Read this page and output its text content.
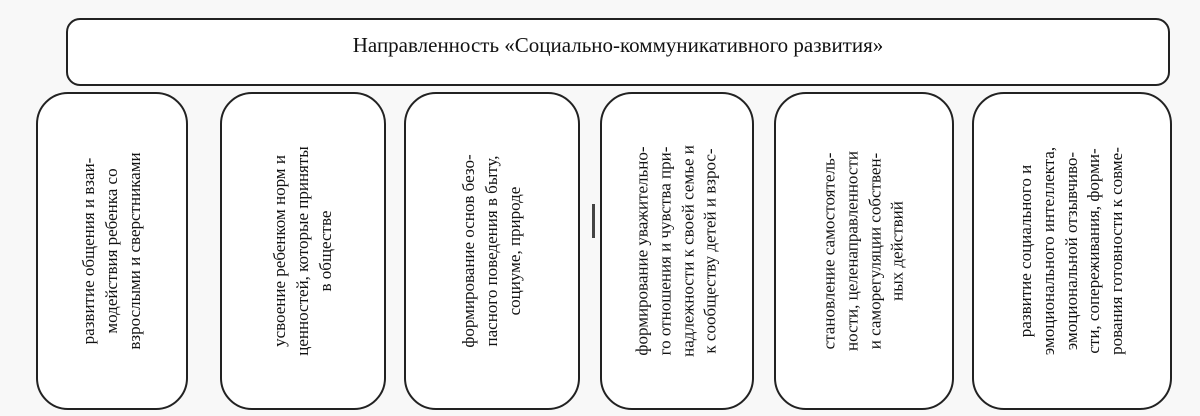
Направленность «Социально-коммуникативного развития»
развитие общения и взаи-
модействия ребенка со
взрослыми и сверстниками
усвоение ребенком норм и
ценностей, которые приняты
в обществе	формирование основ безо-
пасного поведения в быту,
социуме, природе
формирование уважительно-
го отношения и чувства при-
надлежности к своей семье и
к сообществу детей и взрос-
становление самостоятель-
ности, целенаправленности
и саморегуляции собствен-
ных действий
развитие социального и
эмоционального интеллекта,
эмоциональной отзывчиво-
сти, сопереживания, форми-
рования готовности к совме-
